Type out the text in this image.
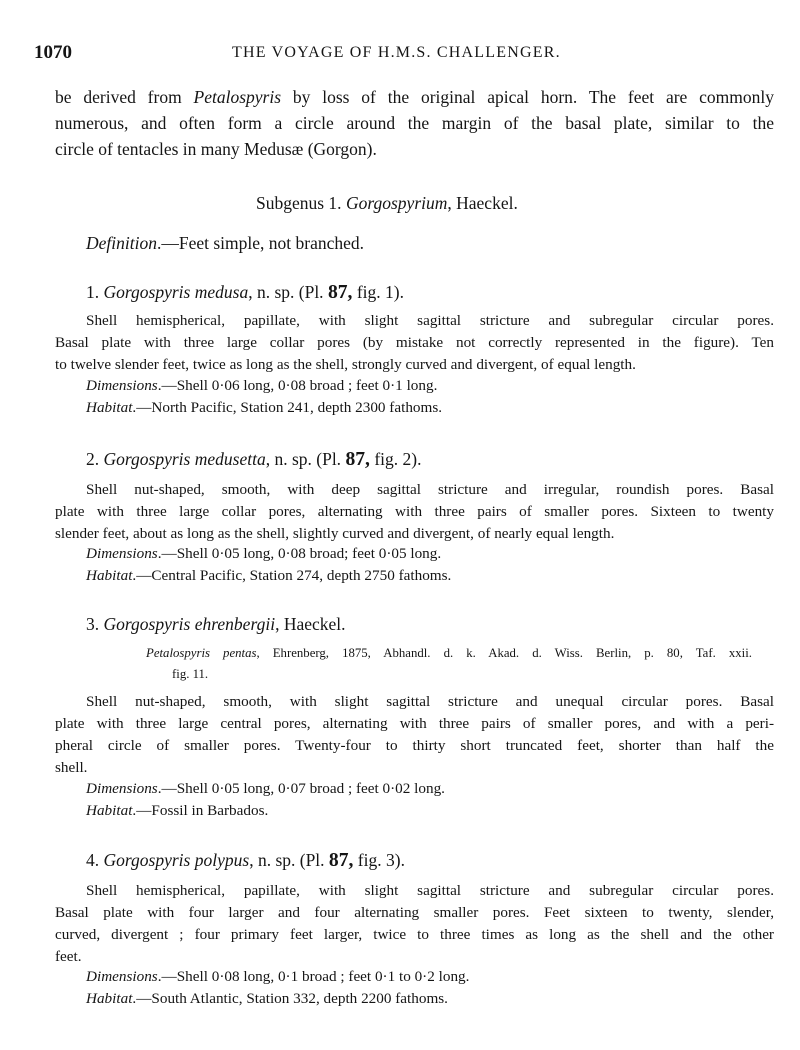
1070	THE VOYAGE OF H.M.S. CHALLENGER.
be derived from Petalospyris by loss of the original apical horn. The feet are commonly
numerous, and often form a circle around the margin of the basal plate, similar to the
circle of tentacles in many Medusæ (Gorgon).
Subgenus 1. Gorgospyrium, Haeckel.
Definition.—Feet simple, not branched.
1. Gorgospyris medusa, n. sp. (Pl. 87, fig. 1).
Shell hemispherical, papillate, with slight sagittal stricture and subregular circular pores.
Basal plate with three large collar pores (by mistake not correctly represented in the figure). Ten
to twelve slender feet, twice as long as the shell, strongly curved and divergent, of equal length.
Dimensions.—Shell 0·06 long, 0·08 broad ; feet 0·1 long.
Habitat.—North Pacific, Station 241, depth 2300 fathoms.
2. Gorgospyris medusetta, n. sp. (Pl. 87, fig. 2).
Shell nut-shaped, smooth, with deep sagittal stricture and irregular, roundish pores. Basal
plate with three large collar pores, alternating with three pairs of smaller pores. Sixteen to twenty
slender feet, about as long as the shell, slightly curved and divergent, of nearly equal length.
Dimensions.—Shell 0·05 long, 0·08 broad; feet 0·05 long.
Habitat.—Central Pacific, Station 274, depth 2750 fathoms.
3. Gorgospyris ehrenbergii, Haeckel.
Petalospyris pentas, Ehrenberg, 1875, Abhandl. d. k. Akad. d. Wiss. Berlin, p. 80, Taf. xxii.
fig. 11.
Shell nut-shaped, smooth, with slight sagittal stricture and unequal circular pores. Basal
plate with three large central pores, alternating with three pairs of smaller pores, and with a peri-
pheral circle of smaller pores. Twenty-four to thirty short truncated feet, shorter than half the
shell.
Dimensions.—Shell 0·05 long, 0·07 broad ; feet 0·02 long.
Habitat.—Fossil in Barbados.
4. Gorgospyris polypus, n. sp. (Pl. 87, fig. 3).
Shell hemispherical, papillate, with slight sagittal stricture and subregular circular pores.
Basal plate with four larger and four alternating smaller pores. Feet sixteen to twenty, slender,
curved, divergent ; four primary feet larger, twice to three times as long as the shell and the other
feet.
Dimensions.—Shell 0·08 long, 0·1 broad ; feet 0·1 to 0·2 long.
Habitat.—South Atlantic, Station 332, depth 2200 fathoms.
